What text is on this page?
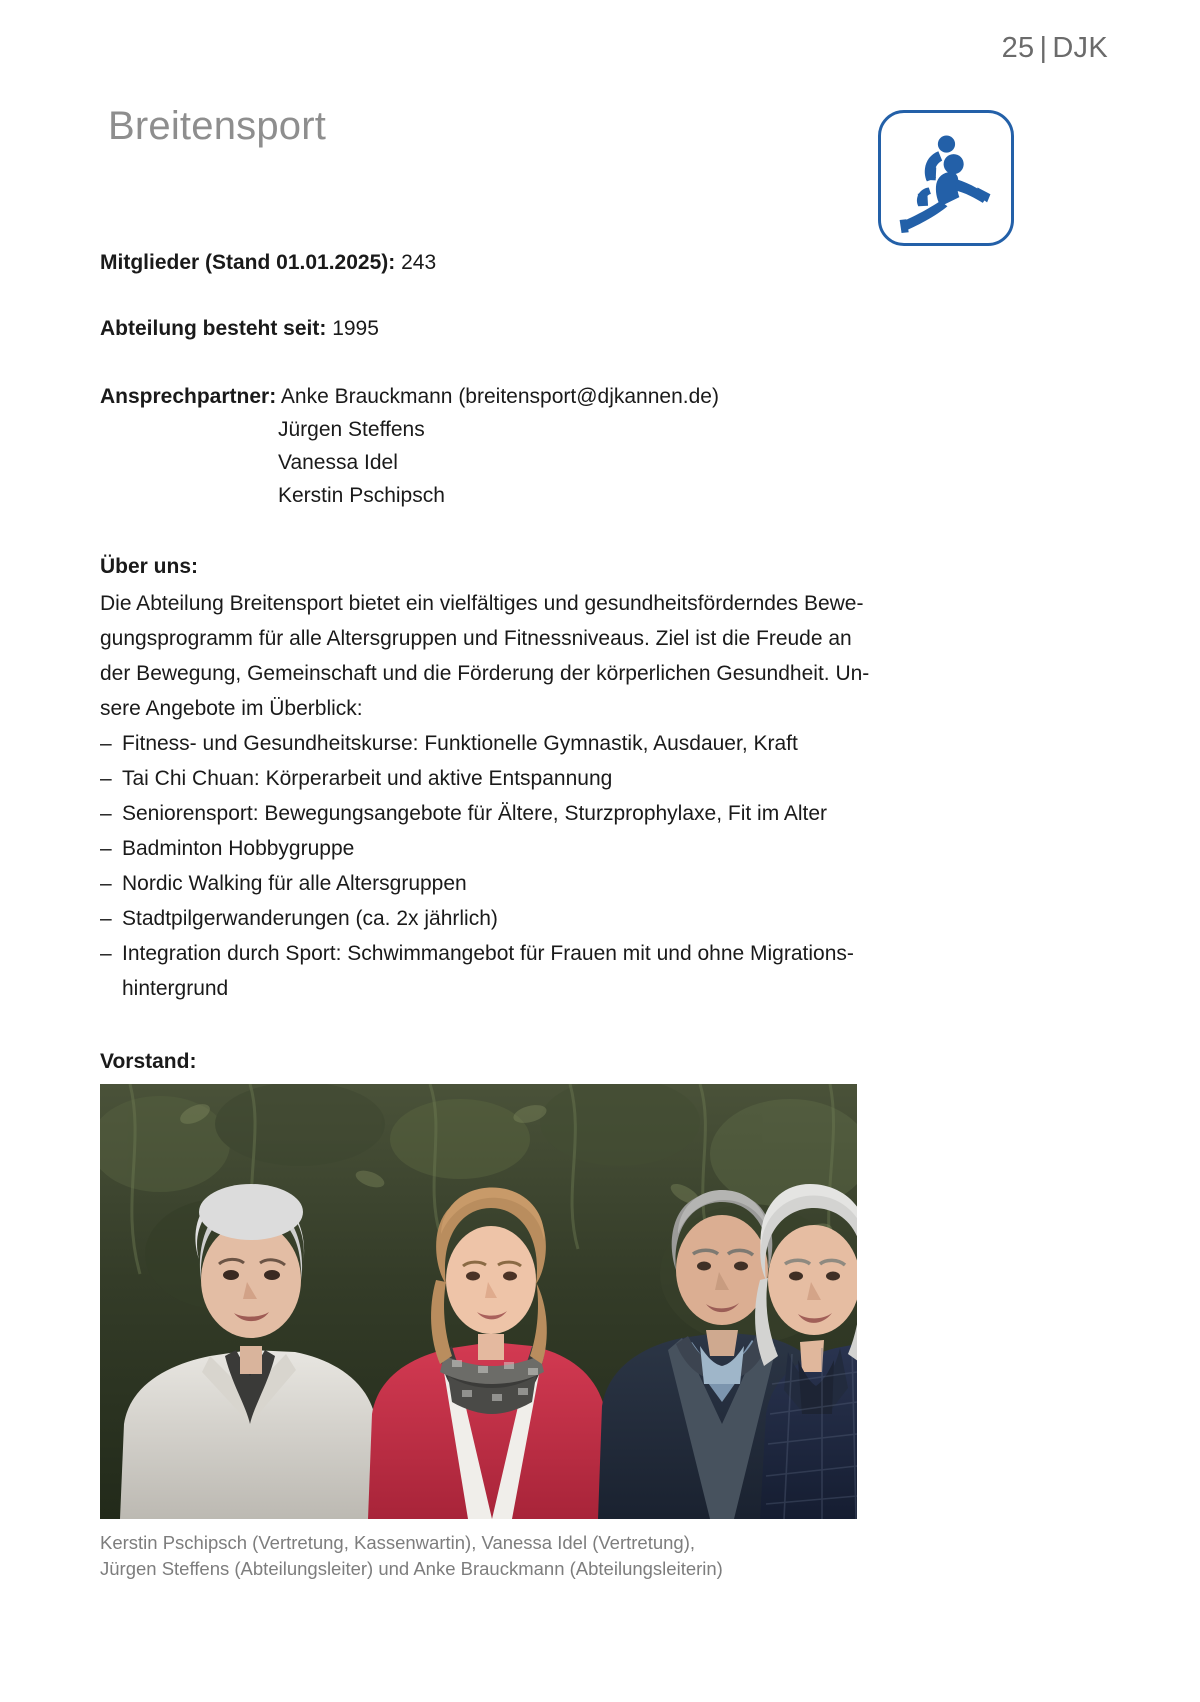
25 | DJK
Breitensport
Mitglieder (Stand 01.01.2025): 243
Abteilung besteht seit: 1995
Ansprechpartner: Anke Brauckmann (breitensport@djkannen.de)
Jürgen Steffens
Vanessa Idel
Kerstin Pschipsch
Über uns:
Die Abteilung Breitensport bietet ein vielfältiges und gesundheitsförderndes Bewe-
gungsprogramm für alle Altersgruppen und Fitnessniveaus. Ziel ist die Freude an
der Bewegung, Gemeinschaft und die Förderung der körperlichen Gesundheit. Un-
sere Angebote im Überblick:
– Fitness- und Gesundheitskurse: Funktionelle Gymnastik, Ausdauer, Kraft
– Tai Chi Chuan: Körperarbeit und aktive Entspannung
– Seniorensport: Bewegungsangebote für Ältere, Sturzprophylaxe, Fit im Alter
– Badminton Hobbygruppe
– Nordic Walking für alle Altersgruppen
– Stadtpilgerwanderungen (ca. 2x jährlich)
– Integration durch Sport: Schwimmangebot für Frauen mit und ohne Migrations-
hintergrund
Vorstand:
Kerstin Pschipsch (Vertretung, Kassenwartin), Vanessa Idel (Vertretung),
Jürgen Steffens (Abteilungsleiter) und Anke Brauckmann (Abteilungsleiterin)
